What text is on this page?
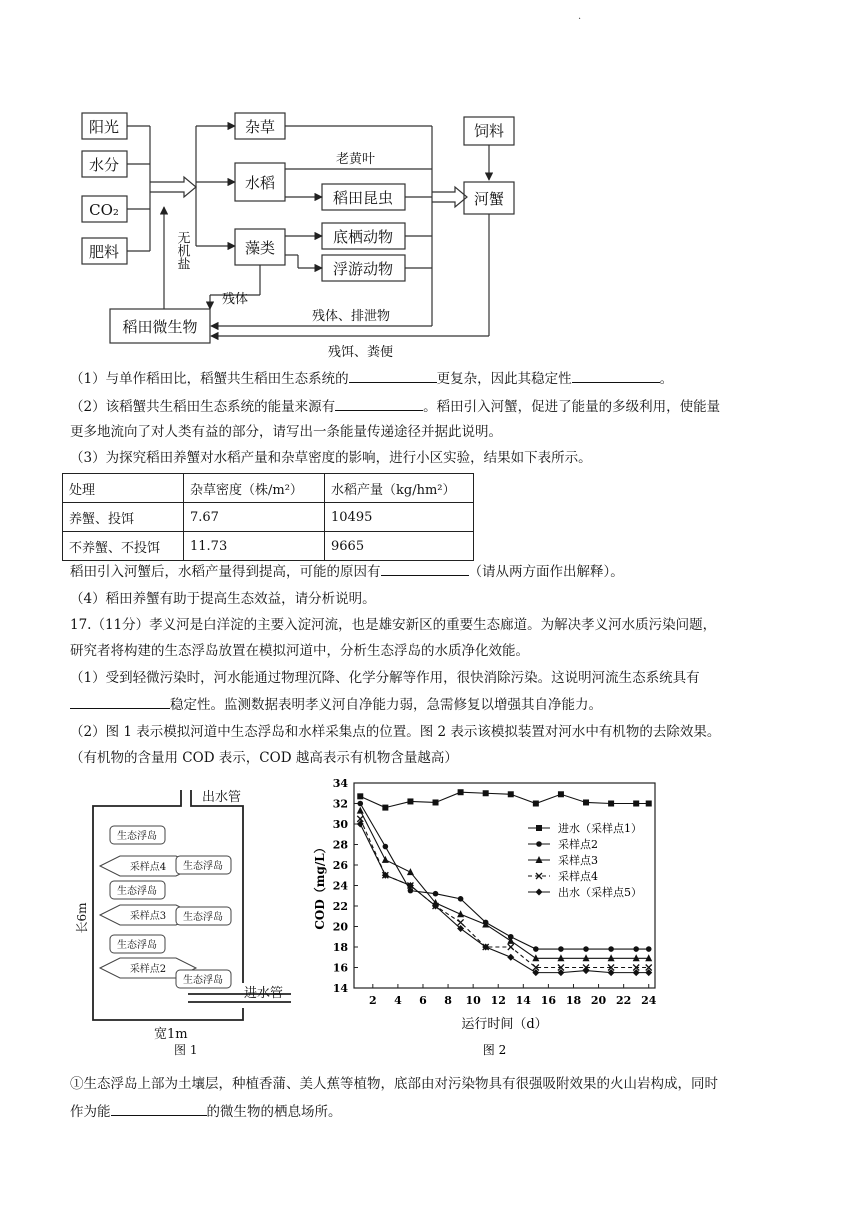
·
阳光
水分
CO₂
肥料
杂草
水稻
藻类
稻田昆虫
底栖动物
浮游动物
饲料
河蟹
稻田微生物
老黄叶
残体
残体、排泄物
残饵、粪便
无机盐
（1）与单作稻田比，稻蟹共生稻田生态系统的	更复杂，因此其稳定性	。
（2）该稻蟹共生稻田生态系统的能量来源有	。稻田引入河蟹，促进了能量的多级利用，使能量
更多地流向了对人类有益的部分，请写出一条能量传递途径并据此说明。
（3）为探究稻田养蟹对水稻产量和杂草密度的影响，进行小区实验，结果如下表所示。
处理	杂草密度（株/m²）	水稻产量（kg/hm²）
养蟹、投饵	7.67	10495
不养蟹、不投饵	11.73	9665
稻田引入河蟹后，水稻产量得到提高，可能的原因有	（请从两方面作出解释）。
（4）稻田养蟹有助于提高生态效益，请分析说明。
17.（11分）孝义河是白洋淀的主要入淀河流，也是雄安新区的重要生态廊道。为解决孝义河水质污染问题，
研究者将构建的生态浮岛放置在模拟河道中，分析生态浮岛的水质净化效能。
（1）受到轻微污染时，河水能通过物理沉降、化学分解等作用，很快消除污染。这说明河流生态系统具有
稳定性。监测数据表明孝义河自净能力弱，急需修复以增强其自净能力。
（2）图 1 表示模拟河道中生态浮岛和水样采集点的位置。图 2 表示该模拟装置对河水中有机物的去除效果。
（有机物的含量用 COD 表示，COD 越高表示有机物含量越高）
生态浮岛
采样点4 生态浮岛
生态浮岛
采样点3 生态浮岛
生态浮岛
采样点2
生态浮岛
出水管
进水管
宽1m
图 1
长6m
14
16
18
20
22
24
26
28
30
32
34
2 4 6 8 10 12 14 16 18 20 22 24
运行时间（d）
COD（mg/L）
图 2
进水（采样点1）
采样点2
采样点3
采样点4
出水（采样点5）
①生态浮岛上部为土壤层，种植香蒲、美人蕉等植物，底部由对污染物具有很强吸附效果的火山岩构成，同时
作为能	的微生物的栖息场所。
